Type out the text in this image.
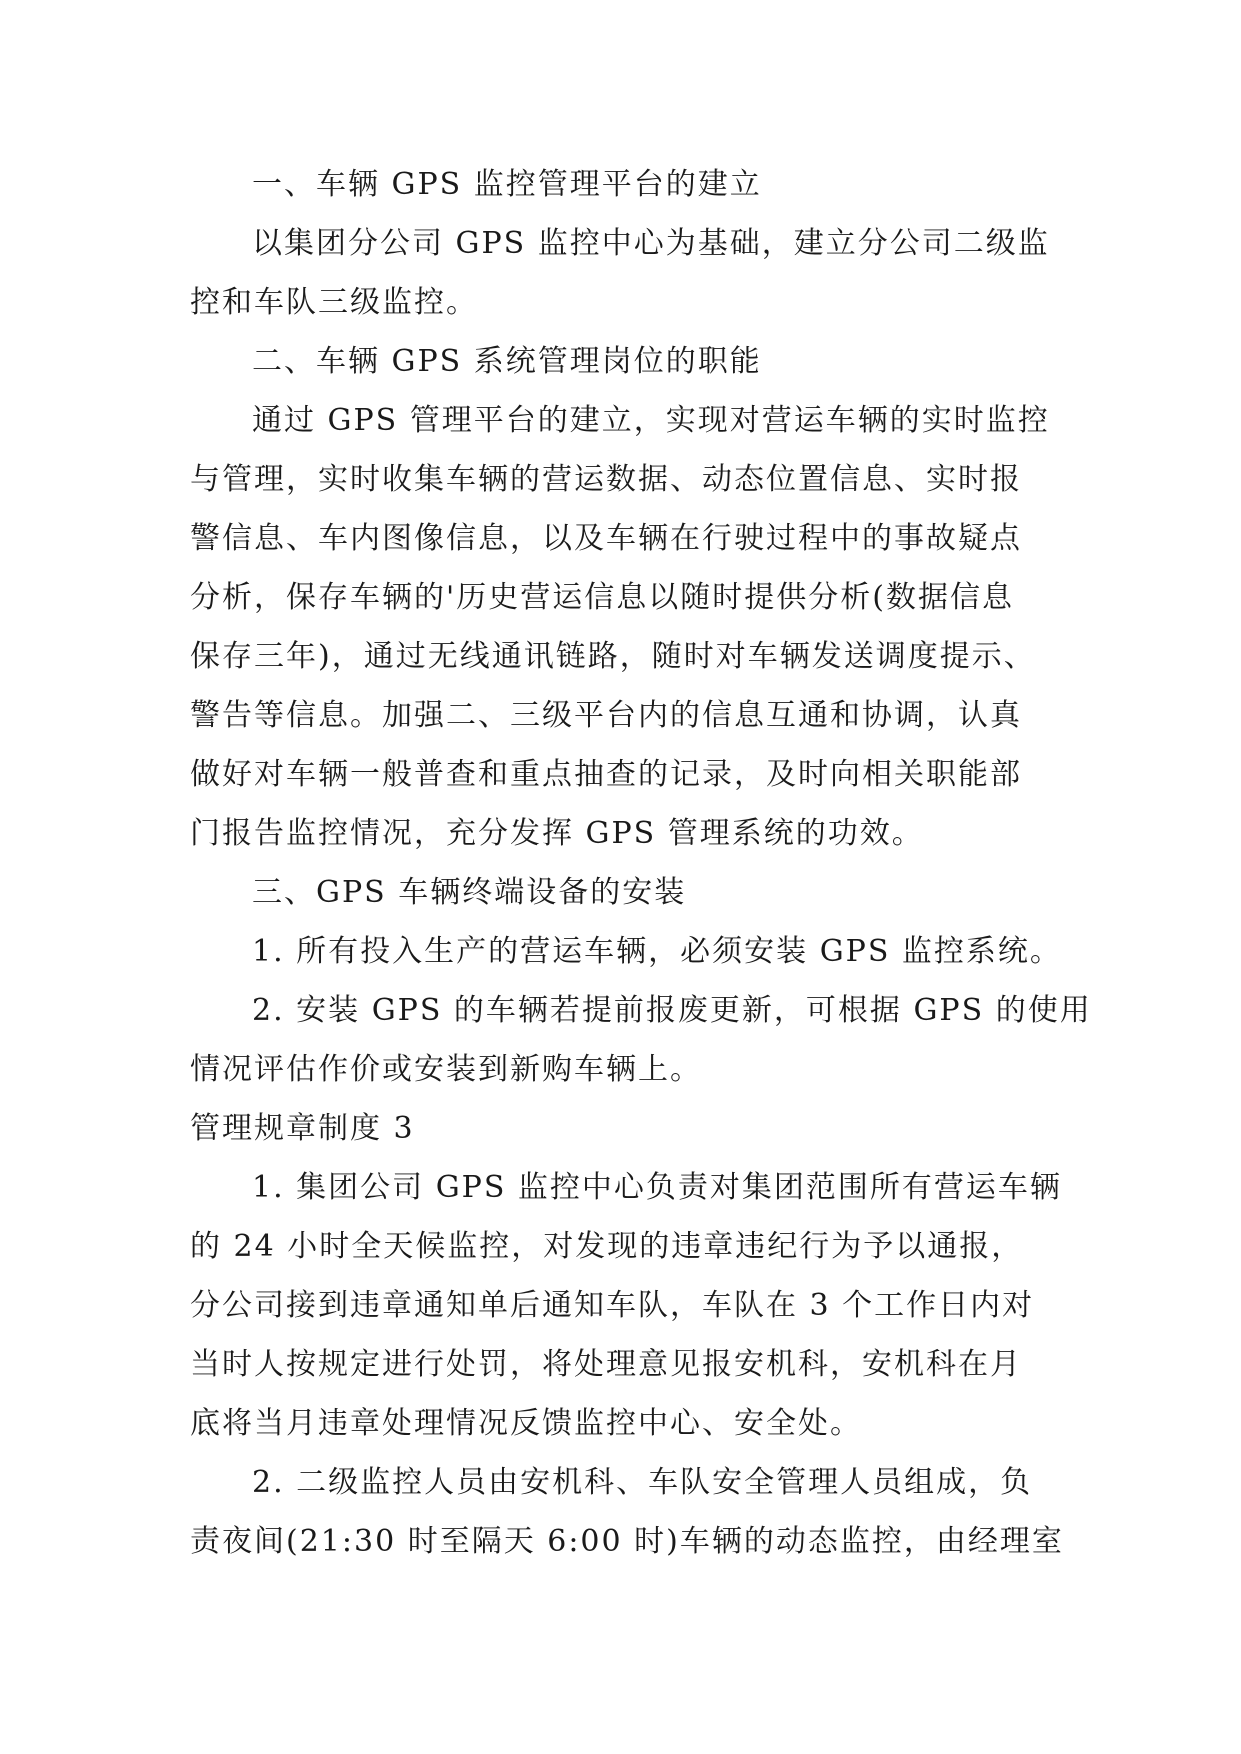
一、车辆 GPS 监控管理平台的建立
以集团分公司 GPS 监控中心为基础，建立分公司二级监
控和车队三级监控。
二、车辆 GPS 系统管理岗位的职能
通过 GPS 管理平台的建立，实现对营运车辆的实时监控
与管理，实时收集车辆的营运数据、动态位置信息、实时报
警信息、车内图像信息，以及车辆在行驶过程中的事故疑点
分析，保存车辆的'历史营运信息以随时提供分析(数据信息
保存三年)，通过无线通讯链路，随时对车辆发送调度提示、
警告等信息。加强二、三级平台内的信息互通和协调，认真
做好对车辆一般普查和重点抽查的记录，及时向相关职能部
门报告监控情况，充分发挥 GPS 管理系统的功效。
三、GPS 车辆终端设备的安装
1. 所有投入生产的营运车辆，必须安装 GPS 监控系统。
2. 安装 GPS 的车辆若提前报废更新，可根据 GPS 的使用
情况评估作价或安装到新购车辆上。
管理规章制度 3
1. 集团公司 GPS 监控中心负责对集团范围所有营运车辆
的 24 小时全天候监控，对发现的违章违纪行为予以通报，
分公司接到违章通知单后通知车队，车队在 3 个工作日内对
当时人按规定进行处罚，将处理意见报安机科，安机科在月
底将当月违章处理情况反馈监控中心、安全处。
2. 二级监控人员由安机科、车队安全管理人员组成，负
责夜间(21:30 时至隔天 6:00 时)车辆的动态监控，由经理室
